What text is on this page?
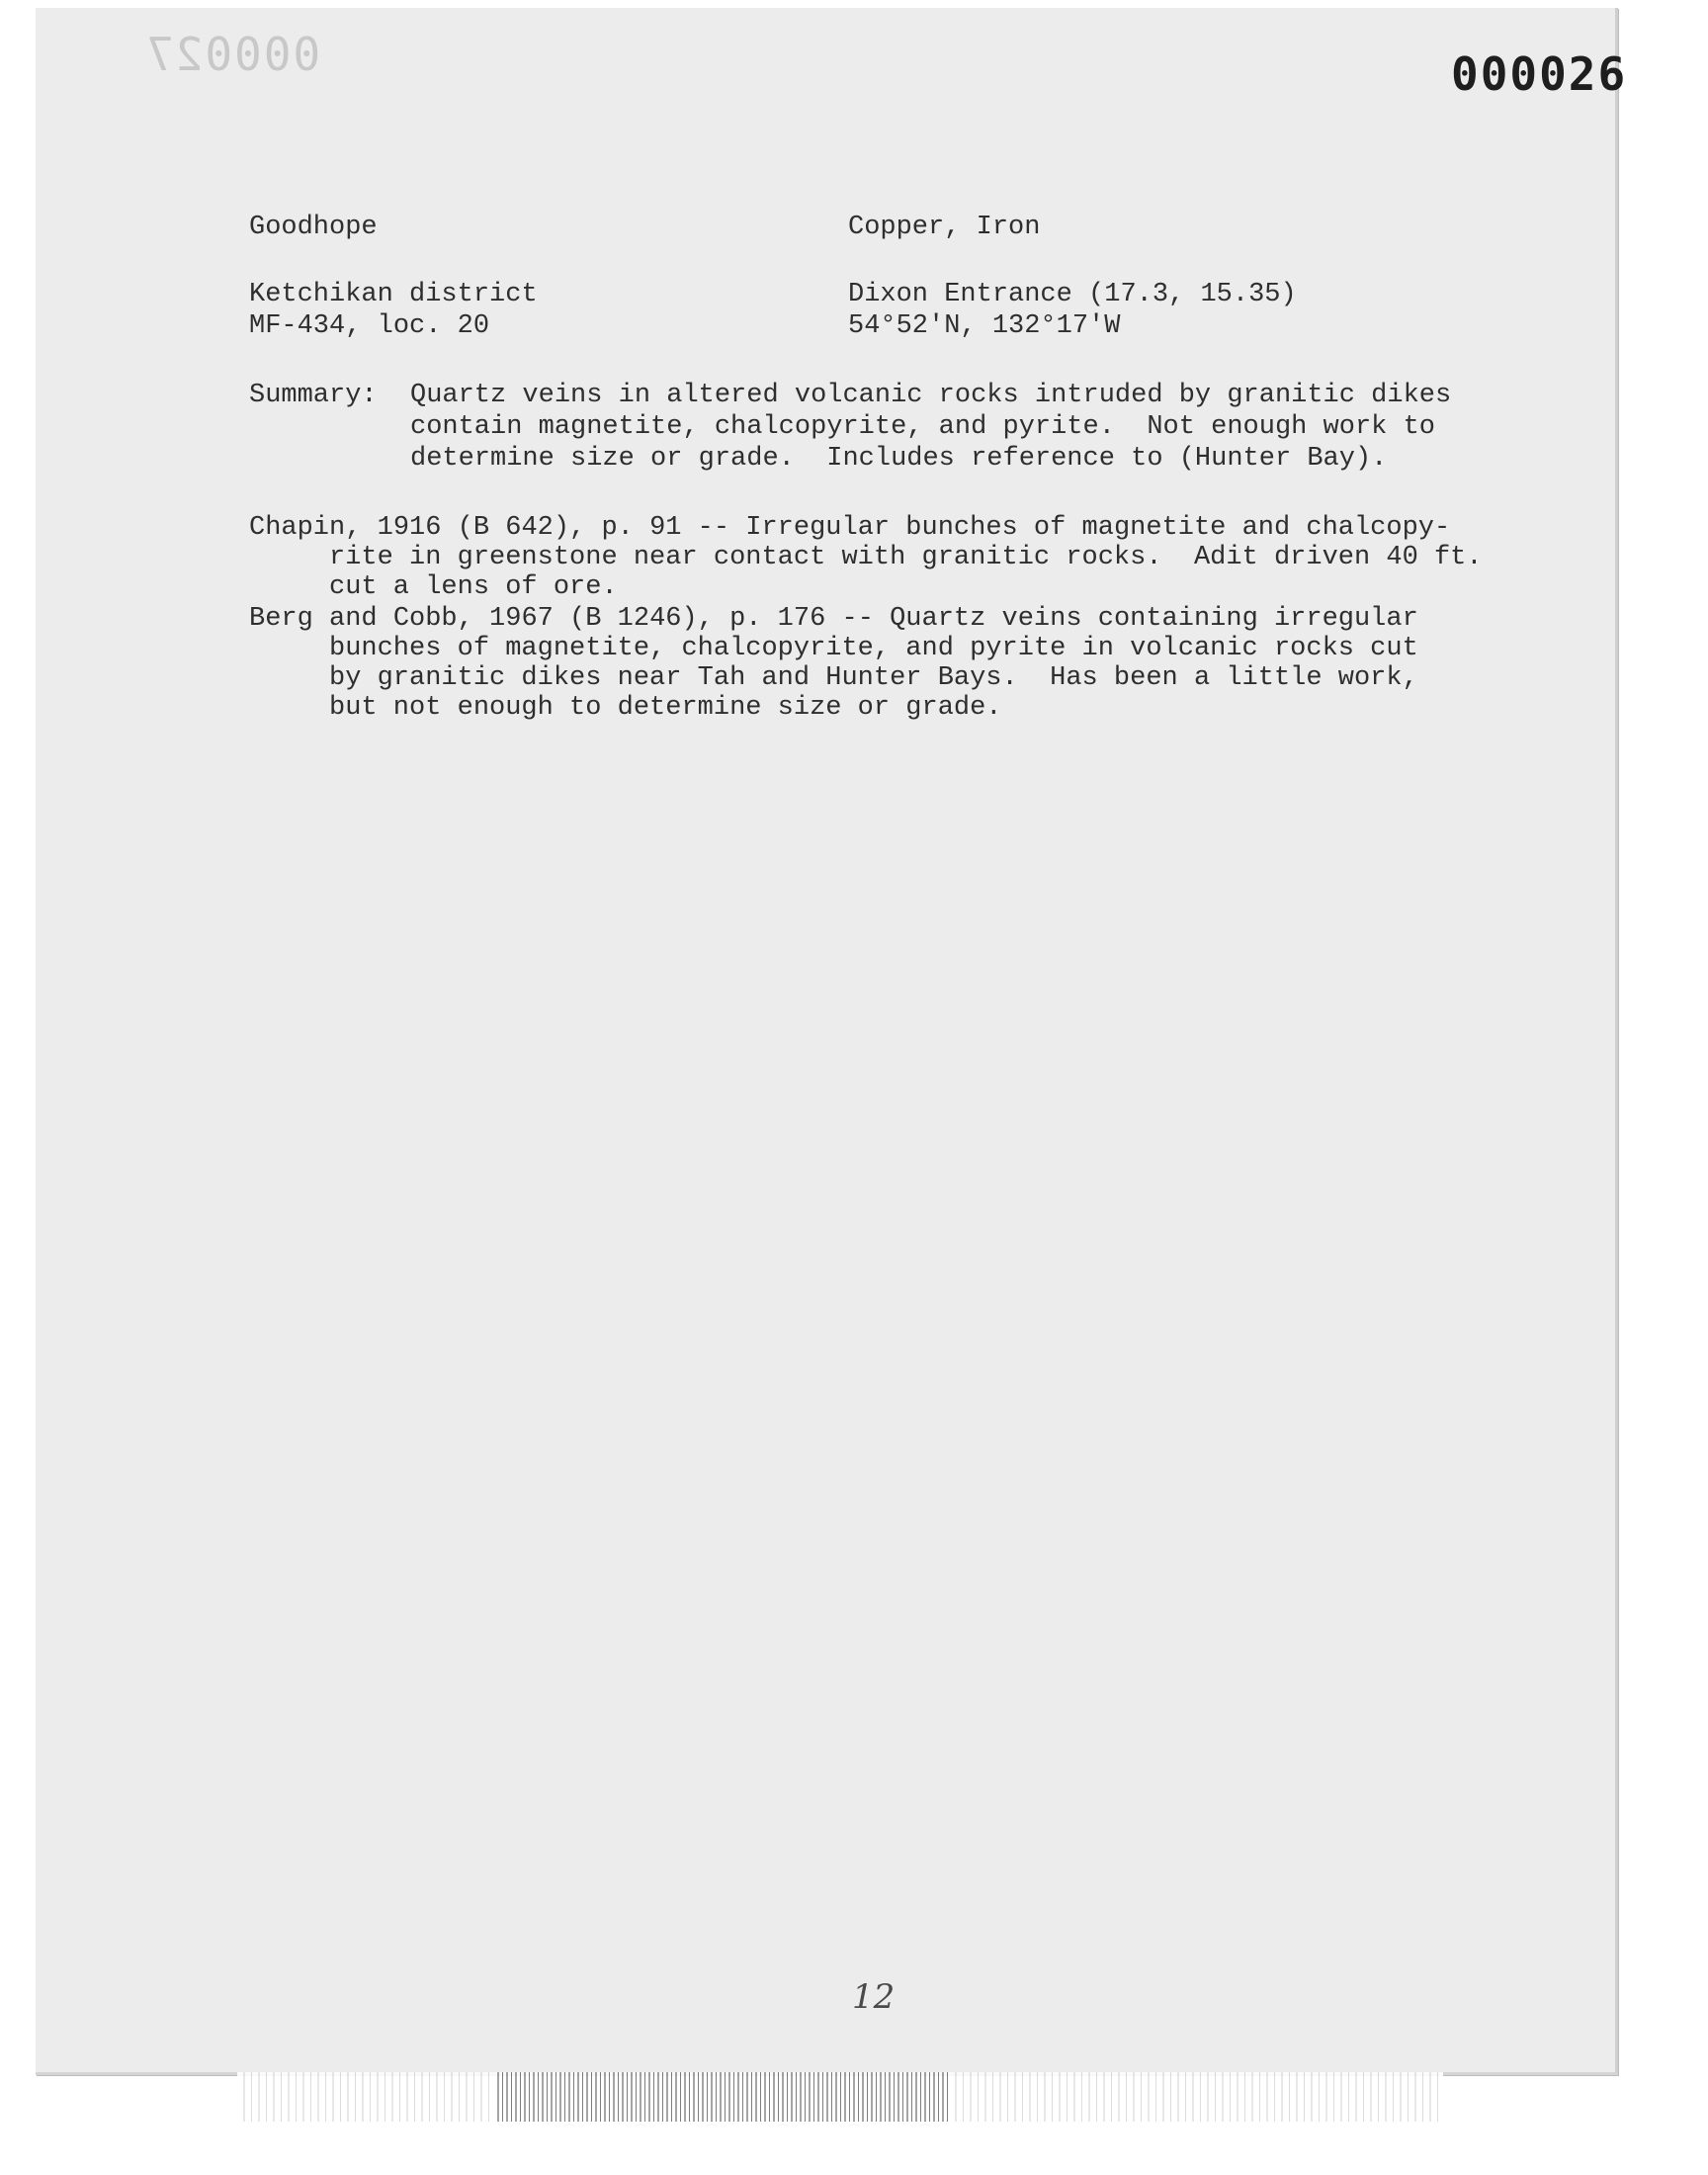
000027	000026
Goodhope	Copper, Iron
Ketchikan district	Dixon Entrance (17.3, 15.35)
MF-434, loc. 20	54°52'N, 132°17'W
Summary: Quartz veins in altered volcanic rocks intruded by granitic dikes
contain magnetite, chalcopyrite, and pyrite.  Not enough work to
determine size or grade.  Includes reference to (Hunter Bay).
Chapin, 1916 (B 642), p. 91 -- Irregular bunches of magnetite and chalcopy-
rite in greenstone near contact with granitic rocks.  Adit driven 40 ft.
cut a lens of ore.
Berg and Cobb, 1967 (B 1246), p. 176 -- Quartz veins containing irregular
bunches of magnetite, chalcopyrite, and pyrite in volcanic rocks cut
by granitic dikes near Tah and Hunter Bays.  Has been a little work,
but not enough to determine size or grade.
12
